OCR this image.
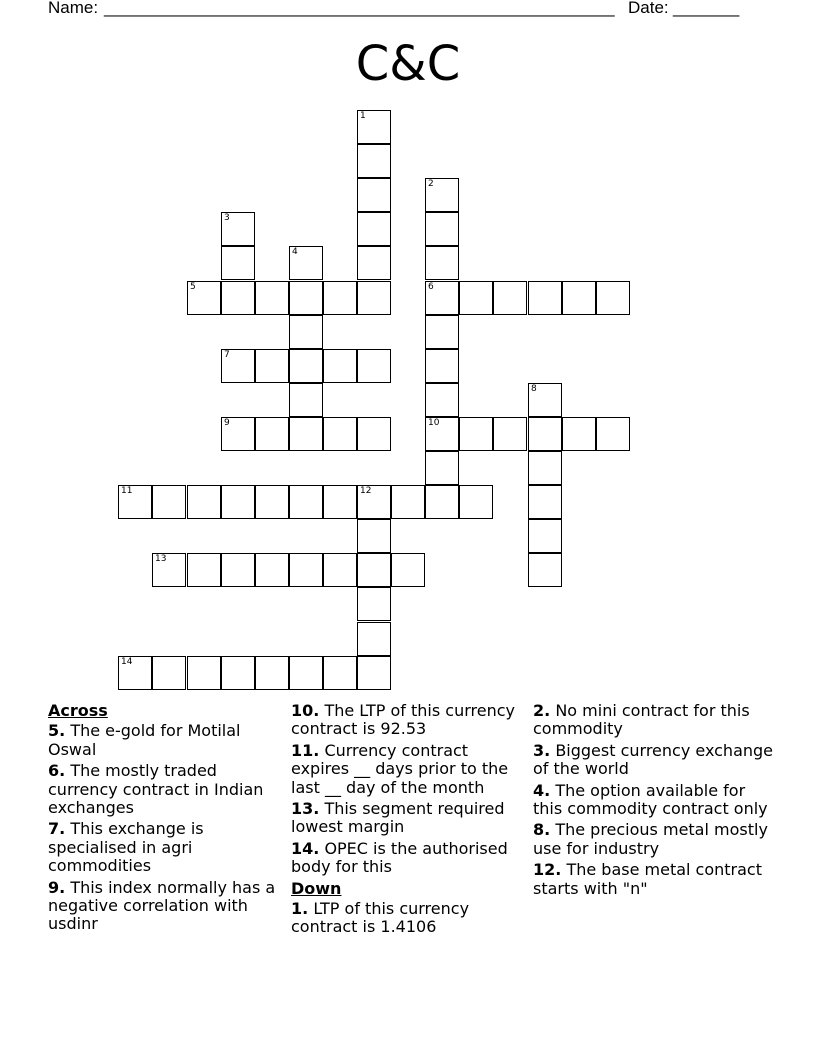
Name: ______________________________________________________ Date: _______
C&C
1
2
6
10
3
4
5
7
8
9
11	12
13
14
Across
5. The e-gold for Motilal Oswal
6. The mostly traded currency contract in Indian exchanges
7. This exchange is specialised in agri commodities
9. This index normally has a negative correlation with usdinr
10. The LTP of this currency contract is 92.53
11. Currency contract expires __ days prior to the last __ day of the month
13. This segment required lowest margin
14. OPEC is the authorised body for this
Down
1. LTP of this currency contract is 1.4106
2. No mini contract for this commodity
3. Biggest currency exchange of the world
4. The option available for this commodity contract only
8. The precious metal mostly use for industry
12. The base metal contract starts with "n"
